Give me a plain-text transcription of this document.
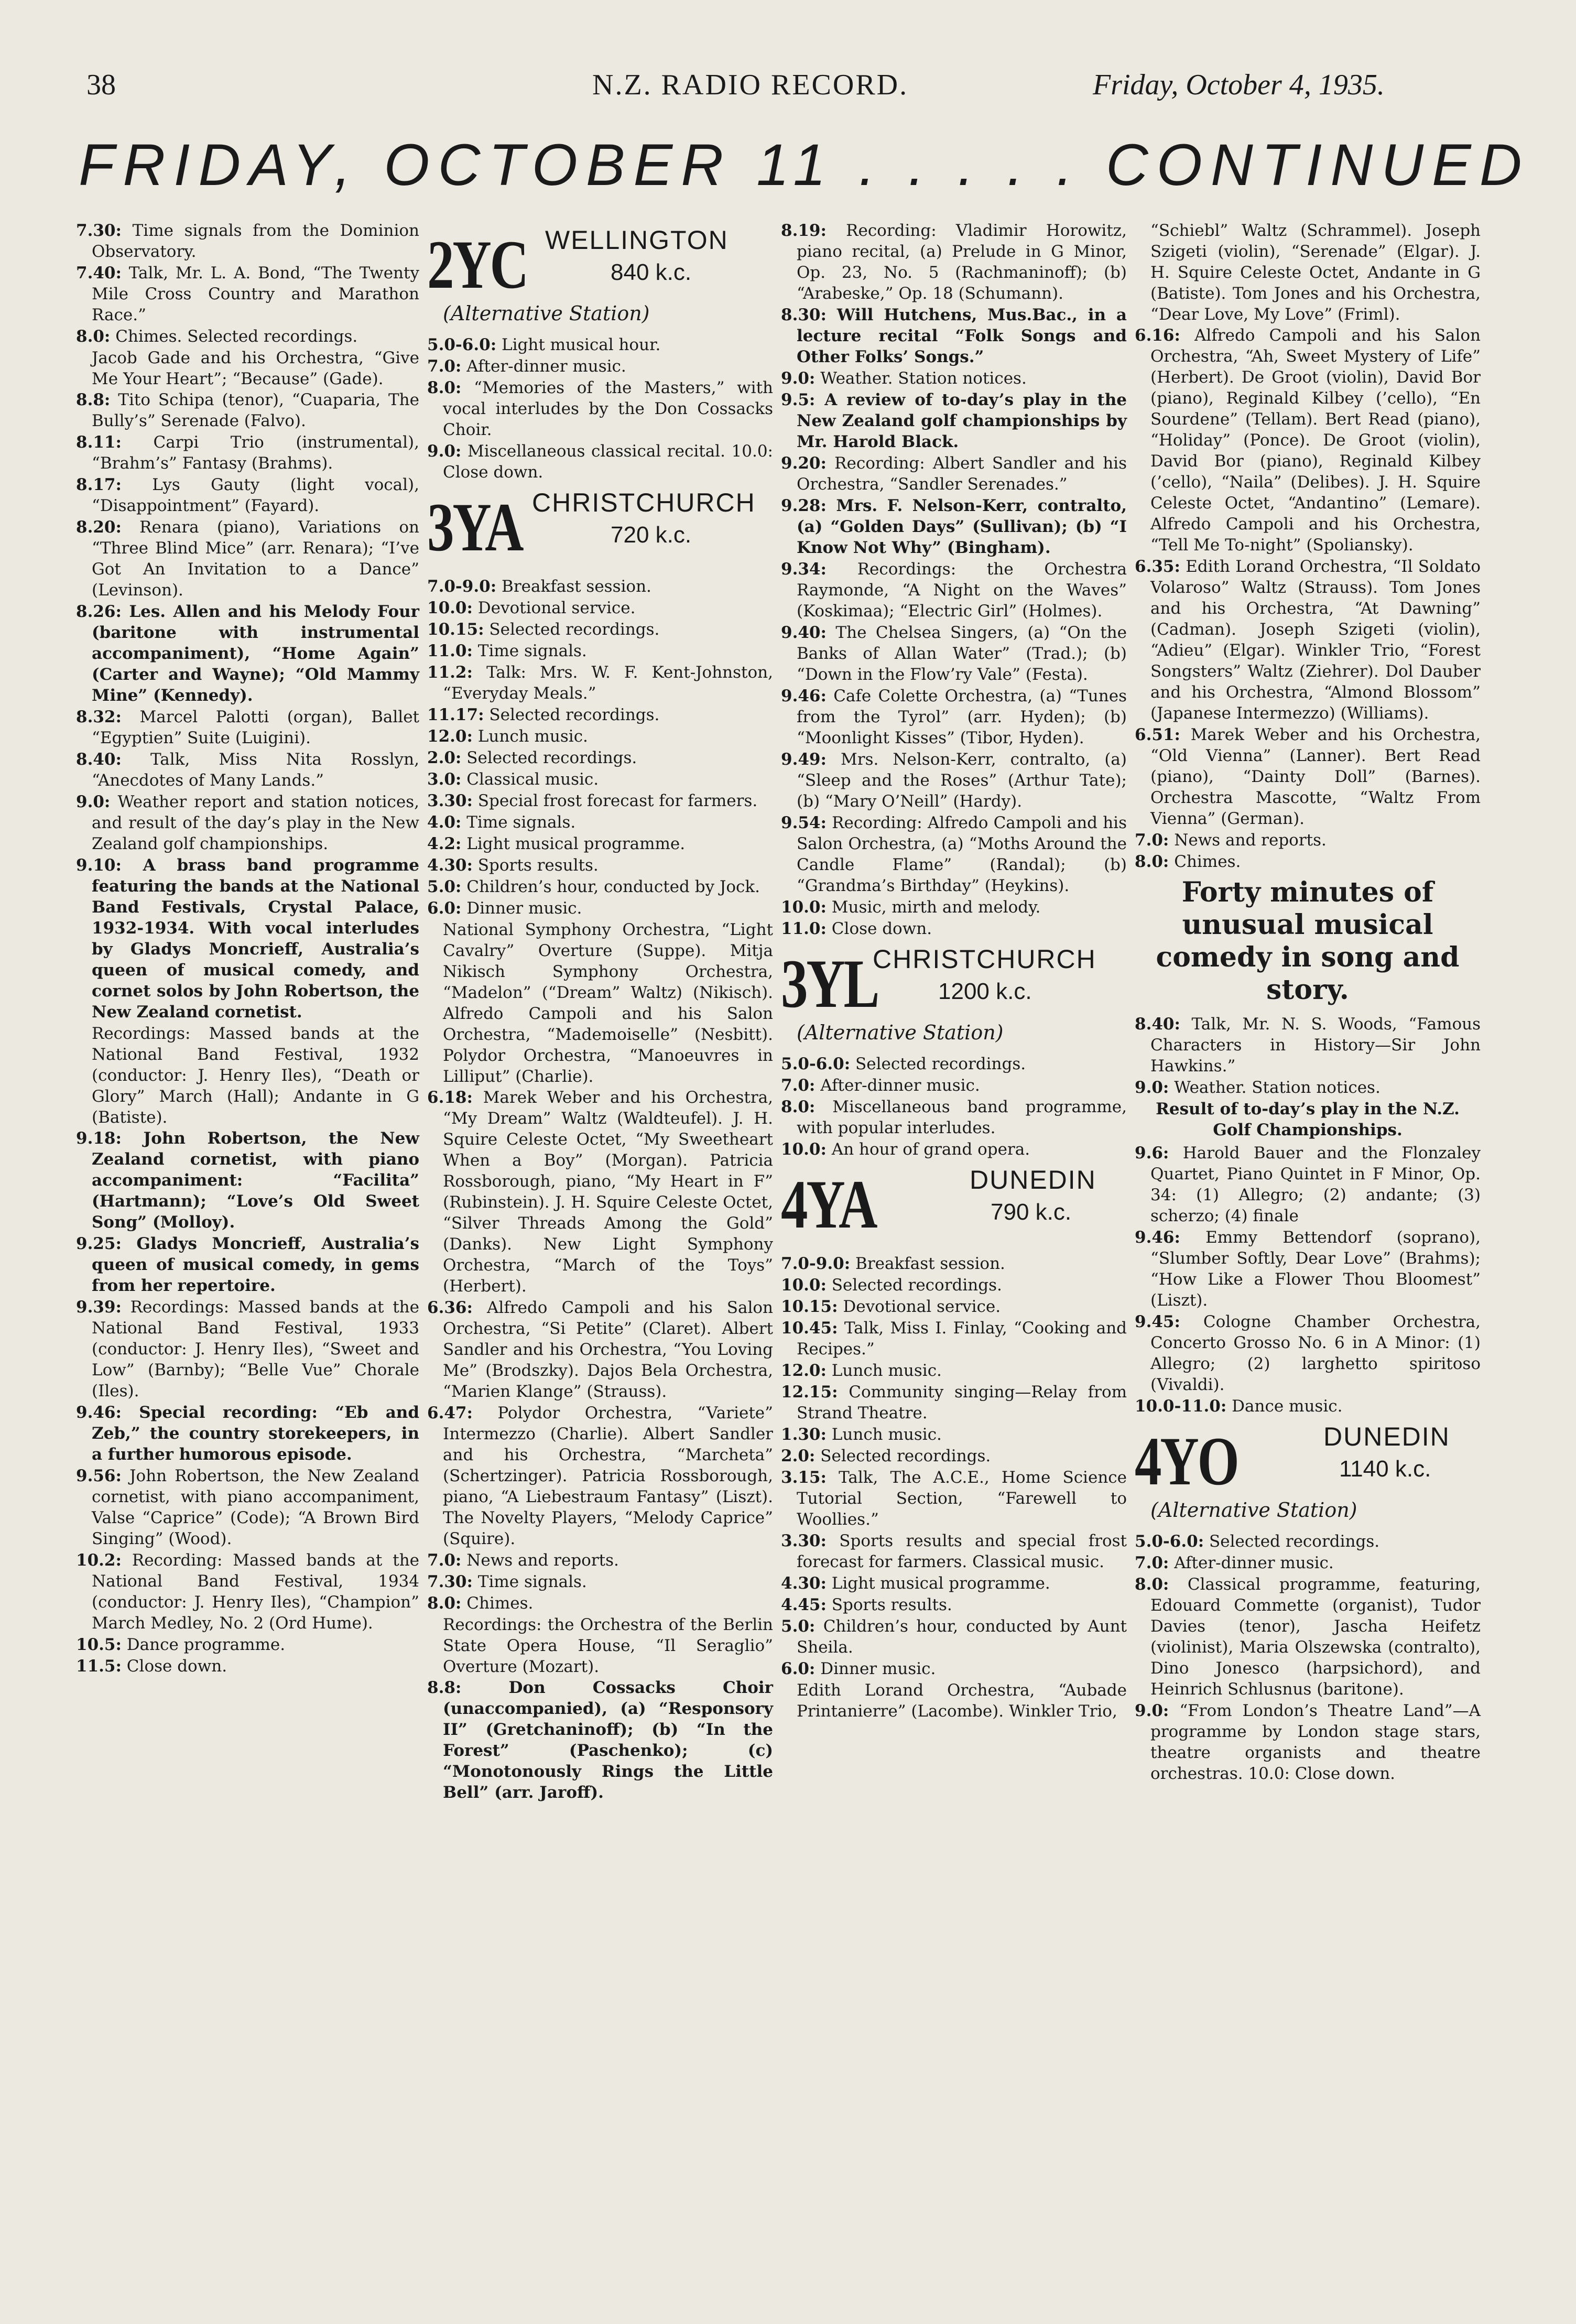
38	N.Z. RADIO RECORD.	Friday, October 4, 1935.
FRIDAY, OCTOBER 11 . . . . . CONTINUED

7.30: Time signals from the Dominion Observatory.

7.40: Talk, Mr. L. A. Bond, “The Twenty Mile Cross Country and Marathon Race.”

8.0: Chimes. Selected recordings.

Jacob Gade and his Orchestra, “Give Me Your Heart”; “Because” (Gade).

8.8: Tito Schipa (tenor), “Cuaparia, The Bully’s” Serenade (Falvo).

8.11: Carpi Trio (instrumental), “Brahm’s” Fantasy (Brahms).

8.17: Lys Gauty (light vocal), “Disappointment” (Fayard).

8.20: Renara (piano), Variations on “Three Blind Mice” (arr. Renara); “I’ve Got An Invitation to a Dance” (Levinson).

8.26: Les. Allen and his Melody Four (baritone with instrumental accompaniment), “Home Again” (Carter and Wayne); “Old Mammy Mine” (Kennedy).

8.32: Marcel Palotti (organ), Ballet “Egyptien” Suite (Luigini).

8.40: Talk, Miss Nita Rosslyn, “Anecdotes of Many Lands.”

9.0: Weather report and station notices, and result of the day’s play in the New Zealand golf championships.

9.10: A brass band programme featuring the bands at the National Band Festivals, Crystal Palace, 1932-1934. With vocal interludes by Gladys Moncrieff, Australia’s queen of musical comedy, and cornet solos by John Robertson, the New Zealand cornetist.

Recordings: Massed bands at the National Band Festival, 1932 (conductor: J. Henry Iles), “Death or Glory” March (Hall); Andante in G (Batiste).

9.18: John Robertson, the New Zealand cornetist, with piano accompaniment: “Facilita” (Hartmann); “Love’s Old Sweet Song” (Molloy).

9.25: Gladys Moncrieff, Australia’s queen of musical comedy, in gems from her repertoire.

9.39: Recordings: Massed bands at the National Band Festival, 1933 (conductor: J. Henry Iles), “Sweet and Low” (Barnby); “Belle Vue” Chorale (Iles).

9.46: Special recording: “Eb and Zeb,” the country storekeepers, in a further humorous episode.

9.56: John Robertson, the New Zealand cornetist, with piano accompaniment, Valse “Caprice” (Code); “A Brown Bird Singing” (Wood).

10.2: Recording: Massed bands at the National Band Festival, 1934 (conductor: J. Henry Iles), “Champion” March Medley, No. 2 (Ord Hume).

10.5: Dance programme.

11.5: Close down.

2YC WELLINGTON
840 k.c.
(Alternative Station)

5.0-6.0: Light musical hour.

7.0: After-dinner music.

8.0: “Memories of the Masters,” with vocal interludes by the Don Cossacks Choir.

9.0: Miscellaneous classical recital. 10.0: Close down.

3YA CHRISTCHURCH
720 k.c.

7.0-9.0: Breakfast session.

10.0: Devotional service.

10.15: Selected recordings.

11.0: Time signals.

11.2: Talk: Mrs. W. F. Kent-Johnston, “Everyday Meals.”

11.17: Selected recordings.

12.0: Lunch music.

2.0: Selected recordings.

3.0: Classical music.

3.30: Special frost forecast for farmers.

4.0: Time signals.

4.2: Light musical programme.

4.30: Sports results.

5.0: Children’s hour, conducted by Jock.

6.0: Dinner music.

National Symphony Orchestra, “Light Cavalry” Overture (Suppe). Mitja Nikisch Symphony Orchestra, “Madelon” (“Dream” Waltz) (Nikisch). Alfredo Campoli and his Salon Orchestra, “Mademoiselle” (Nesbitt). Polydor Orchestra, “Manoeuvres in Lilliput” (Charlie).

6.18: Marek Weber and his Orchestra, “My Dream” Waltz (Waldteufel). J. H. Squire Celeste Octet, “My Sweetheart When a Boy” (Morgan). Patricia Rossborough, piano, “My Heart in F” (Rubinstein). J. H. Squire Celeste Octet, “Silver Threads Among the Gold” (Danks). New Light Symphony Orchestra, “March of the Toys” (Herbert).

6.36: Alfredo Campoli and his Salon Orchestra, “Si Petite” (Claret). Albert Sandler and his Orchestra, “You Loving Me” (Brodszky). Dajos Bela Orchestra, “Marien Klange” (Strauss).

6.47: Polydor Orchestra, “Variete” Intermezzo (Charlie). Albert Sandler and his Orchestra, “Marcheta” (Schertzinger). Patricia Rossborough, piano, “A Liebestraum Fantasy” (Liszt). The Novelty Players, “Melody Caprice” (Squire).

7.0: News and reports.

7.30: Time signals.

8.0: Chimes.

Recordings: the Orchestra of the Berlin State Opera House, “Il Seraglio” Overture (Mozart).

8.8: Don Cossacks Choir (unaccompanied), (a) “Responsory II” (Gretchaninoff); (b) “In the Forest” (Paschenko); (c) “Monotonously Rings the Little Bell” (arr. Jaroff).

8.19: Recording: Vladimir Horowitz, piano recital, (a) Prelude in G Minor, Op. 23, No. 5 (Rachmaninoff); (b) “Arabeske,” Op. 18 (Schumann).

8.30: Will Hutchens, Mus.Bac., in a lecture recital “Folk Songs and Other Folks’ Songs.”

9.0: Weather. Station notices.

9.5: A review of to-day’s play in the New Zealand golf championships by Mr. Harold Black.

9.20: Recording: Albert Sandler and his Orchestra, “Sandler Serenades.”

9.28: Mrs. F. Nelson-Kerr, contralto, (a) “Golden Days” (Sullivan); (b) “I Know Not Why” (Bingham).

9.34: Recordings: the Orchestra Raymonde, “A Night on the Waves” (Koskimaa); “Electric Girl” (Holmes).

9.40: The Chelsea Singers, (a) “On the Banks of Allan Water” (Trad.); (b) “Down in the Flow’ry Vale” (Festa).

9.46: Cafe Colette Orchestra, (a) “Tunes from the Tyrol” (arr. Hyden); (b) “Moonlight Kisses” (Tibor, Hyden).

9.49: Mrs. Nelson-Kerr, contralto, (a) “Sleep and the Roses” (Arthur Tate); (b) “Mary O’Neill” (Hardy).

9.54: Recording: Alfredo Campoli and his Salon Orchestra, (a) “Moths Around the Candle Flame” (Randal); (b) “Grandma’s Birthday” (Heykins).

10.0: Music, mirth and melody.

11.0: Close down.

3YL
CHRISTCHURCH
1200 k.c.
(Alternative Station)

5.0-6.0: Selected recordings.

7.0: After-dinner music.

8.0: Miscellaneous band programme, with popular interludes.

10.0: An hour of grand opera.

4YA	DUNEDIN
790 k.c.

7.0-9.0: Breakfast session.

10.0: Selected recordings.

10.15: Devotional service.

10.45: Talk, Miss I. Finlay, “Cooking and Recipes.”

12.0: Lunch music.

12.15: Community singing—Relay from Strand Theatre.

1.30: Lunch music.

2.0: Selected recordings.

3.15: Talk, The A.C.E., Home Science Tutorial Section, “Farewell to Woollies.”

3.30: Sports results and special frost forecast for farmers. Classical music.

4.30: Light musical programme.

4.45: Sports results.

5.0: Children’s hour, conducted by Aunt Sheila.

6.0: Dinner music.

Edith Lorand Orchestra, “Aubade Printanierre” (Lacombe). Winkler Trio,

“Schiebl” Waltz (Schrammel). Joseph Szigeti (violin), “Serenade” (Elgar). J. H. Squire Celeste Octet, Andante in G (Batiste). Tom Jones and his Orchestra, “Dear Love, My Love” (Friml).

6.16: Alfredo Campoli and his Salon Orchestra, “Ah, Sweet Mystery of Life” (Herbert). De Groot (violin), David Bor (piano), Reginald Kilbey (’cello), “En Sourdene” (Tellam). Bert Read (piano), “Holiday” (Ponce). De Groot (violin), David Bor (piano), Reginald Kilbey (’cello), “Naila” (Delibes). J. H. Squire Celeste Octet, “Andantino” (Lemare). Alfredo Campoli and his Orchestra, “Tell Me To-night” (Spoliansky).

6.35: Edith Lorand Orchestra, “Il Soldato Volaroso” Waltz (Strauss). Tom Jones and his Orchestra, “At Dawning” (Cadman). Joseph Szigeti (violin), “Adieu” (Elgar). Winkler Trio, “Forest Songsters” Waltz (Ziehrer). Dol Dauber and his Orchestra, “Almond Blossom” (Japanese Intermezzo) (Williams).

6.51: Marek Weber and his Orchestra, “Old Vienna” (Lanner). Bert Read (piano), “Dainty Doll” (Barnes). Orchestra Mascotte, “Waltz From Vienna” (German).

7.0: News and reports.

8.0: Chimes.

Forty minutes of unusual musical comedy in song and story.

8.40: Talk, Mr. N. S. Woods, “Famous Characters in History—Sir John Hawkins.”

9.0: Weather. Station notices.

Result of to-day’s play in the N.Z. Golf Championships.

9.6: Harold Bauer and the Flonzaley Quartet, Piano Quintet in F Minor, Op. 34: (1) Allegro; (2) andante; (3) scherzo; (4) finale

9.46: Emmy Bettendorf (soprano), “Slumber Softly, Dear Love” (Brahms); “How Like a Flower Thou Bloomest” (Liszt).

9.45: Cologne Chamber Orchestra, Concerto Grosso No. 6 in A Minor: (1) Allegro; (2) larghetto spiritoso (Vivaldi).

10.0-11.0: Dance music.

4YO	DUNEDIN
1140 k.c.
(Alternative Station)

5.0-6.0: Selected recordings.

7.0: After-dinner music.

8.0: Classical programme, featuring, Edouard Commette (organist), Tudor Davies (tenor), Jascha Heifetz (violinist), Maria Olszewska (contralto), Dino Jonesco (harpsichord), and Heinrich Schlusnus (baritone).

9.0: “From London’s Theatre Land”—A programme by London stage stars, theatre organists and theatre orchestras. 10.0: Close down.
